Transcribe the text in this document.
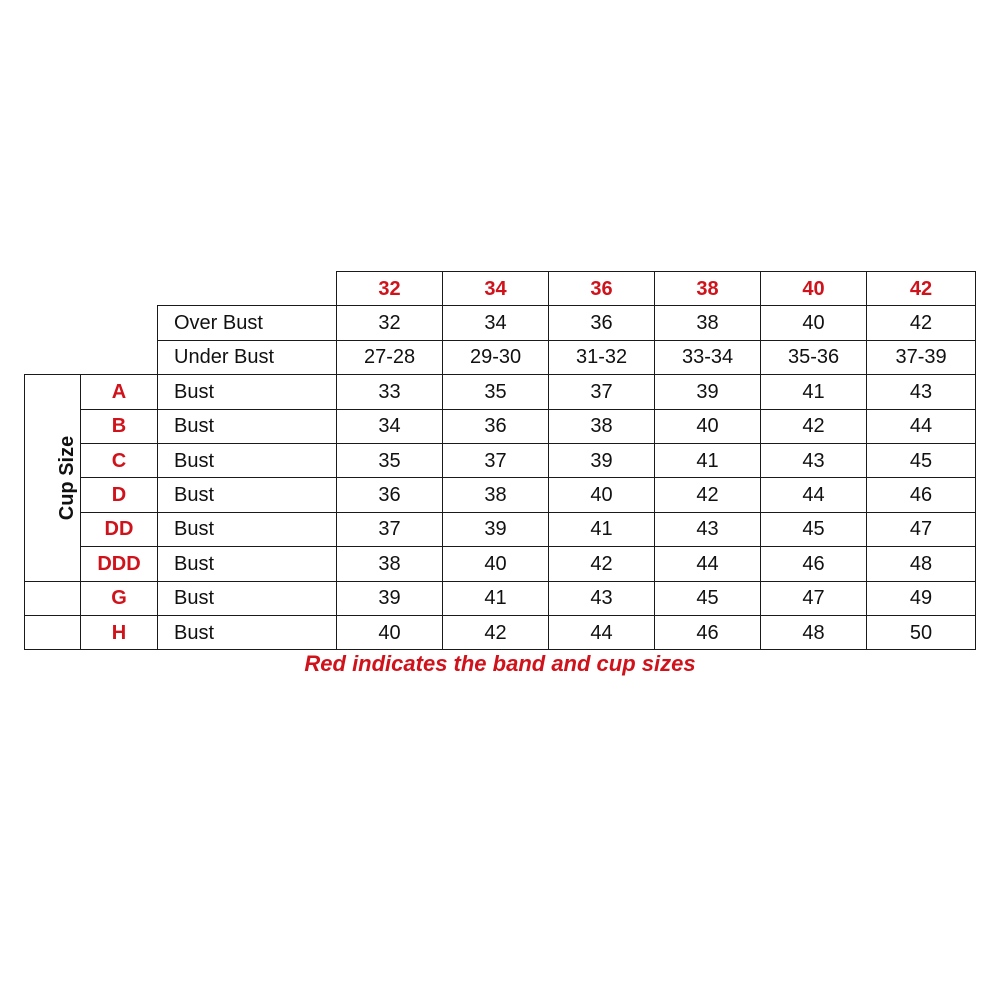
			32	34	36	38	40	42
		Over Bust	32	34	36	38	40	42
		Under Bust	27-28	29-30	31-32	33-34	35-36	37-39
Cup Size	A	Bust	33	35	37	39	41	43
	B	Bust	34	36	38	40	42	44
	C	Bust	35	37	39	41	43	45
	D	Bust	36	38	40	42	44	46
	DD	Bust	37	39	41	43	45	47
	DDD	Bust	38	40	42	44	46	48
	G	Bust	39	41	43	45	47	49
	H	Bust	40	42	44	46	48	50
Red indicates the band and cup sizes
